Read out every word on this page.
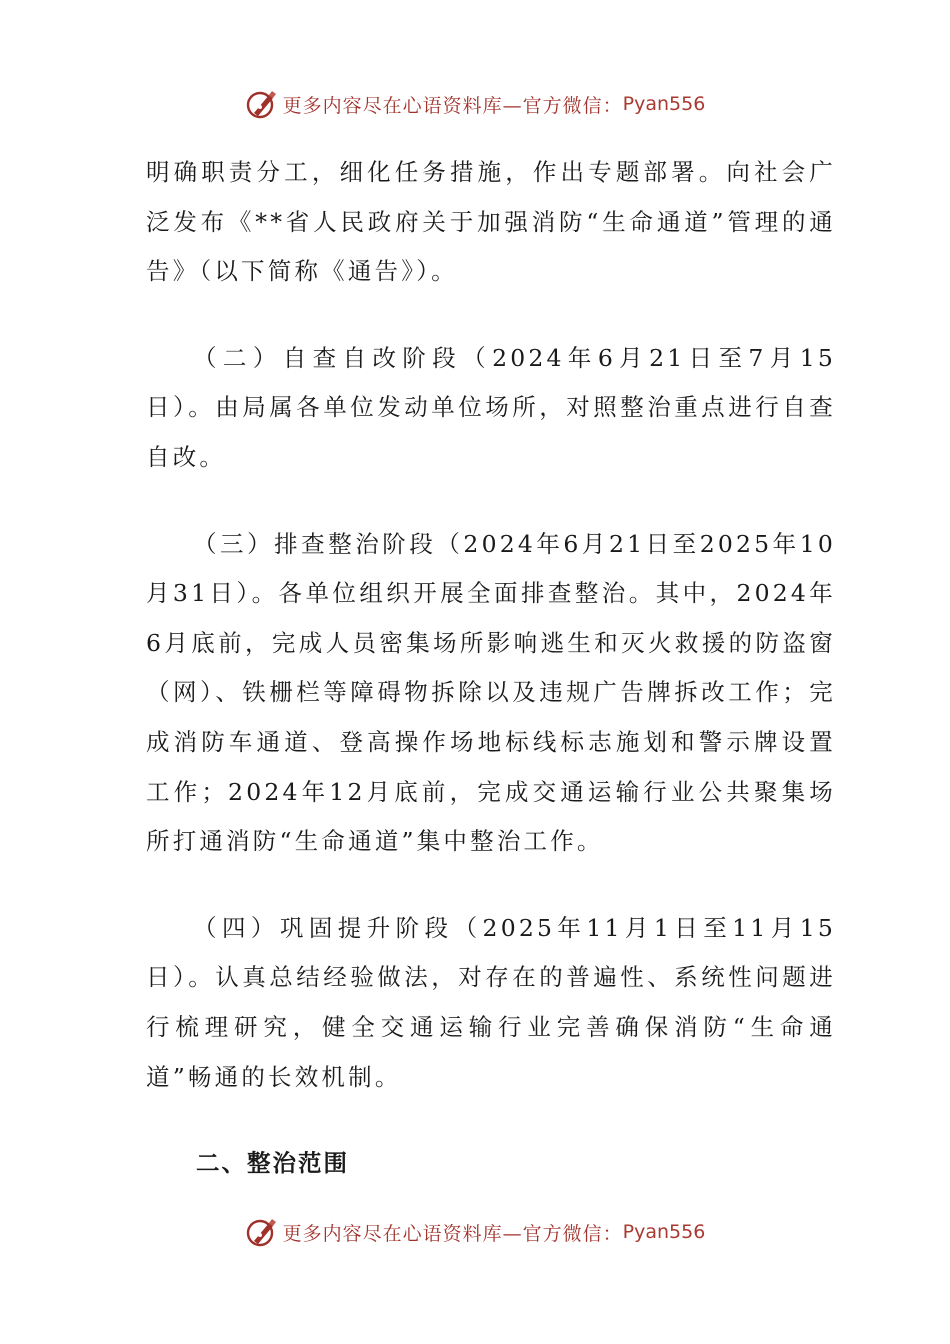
更多内容尽在心语资料库—官方微信： Pyan556

明确职责分工，细化任务措施，作出专题部署。向社会广泛发布《**省人民政府关于加强消防“生命通道”管理的通告》（以下简称《通告》）。

（二）自查自改阶段（2024年6月21日至7月15日）。由局属各单位发动单位场所，对照整治重点进行自查自改。

（三）排查整治阶段（2024年6月21日至2025年10月31日）。各单位组织开展全面排查整治。其中，2024年6月底前，完成人员密集场所影响逃生和灭火救援的防盗窗（网）、铁栅栏等障碍物拆除以及违规广告牌拆改工作；完成消防车通道、登高操作场地标线标志施划和警示牌设置工作；2024年12月底前，完成交通运输行业公共聚集场所打通消防“生命通道”集中整治工作。

（四）巩固提升阶段（2025年11月1日至11月15日）。认真总结经验做法，对存在的普遍性、系统性问题进行梳理研究，健全交通运输行业完善确保消防“生命通道”畅通的长效机制。

二、整治范围

更多内容尽在心语资料库—官方微信： Pyan556
